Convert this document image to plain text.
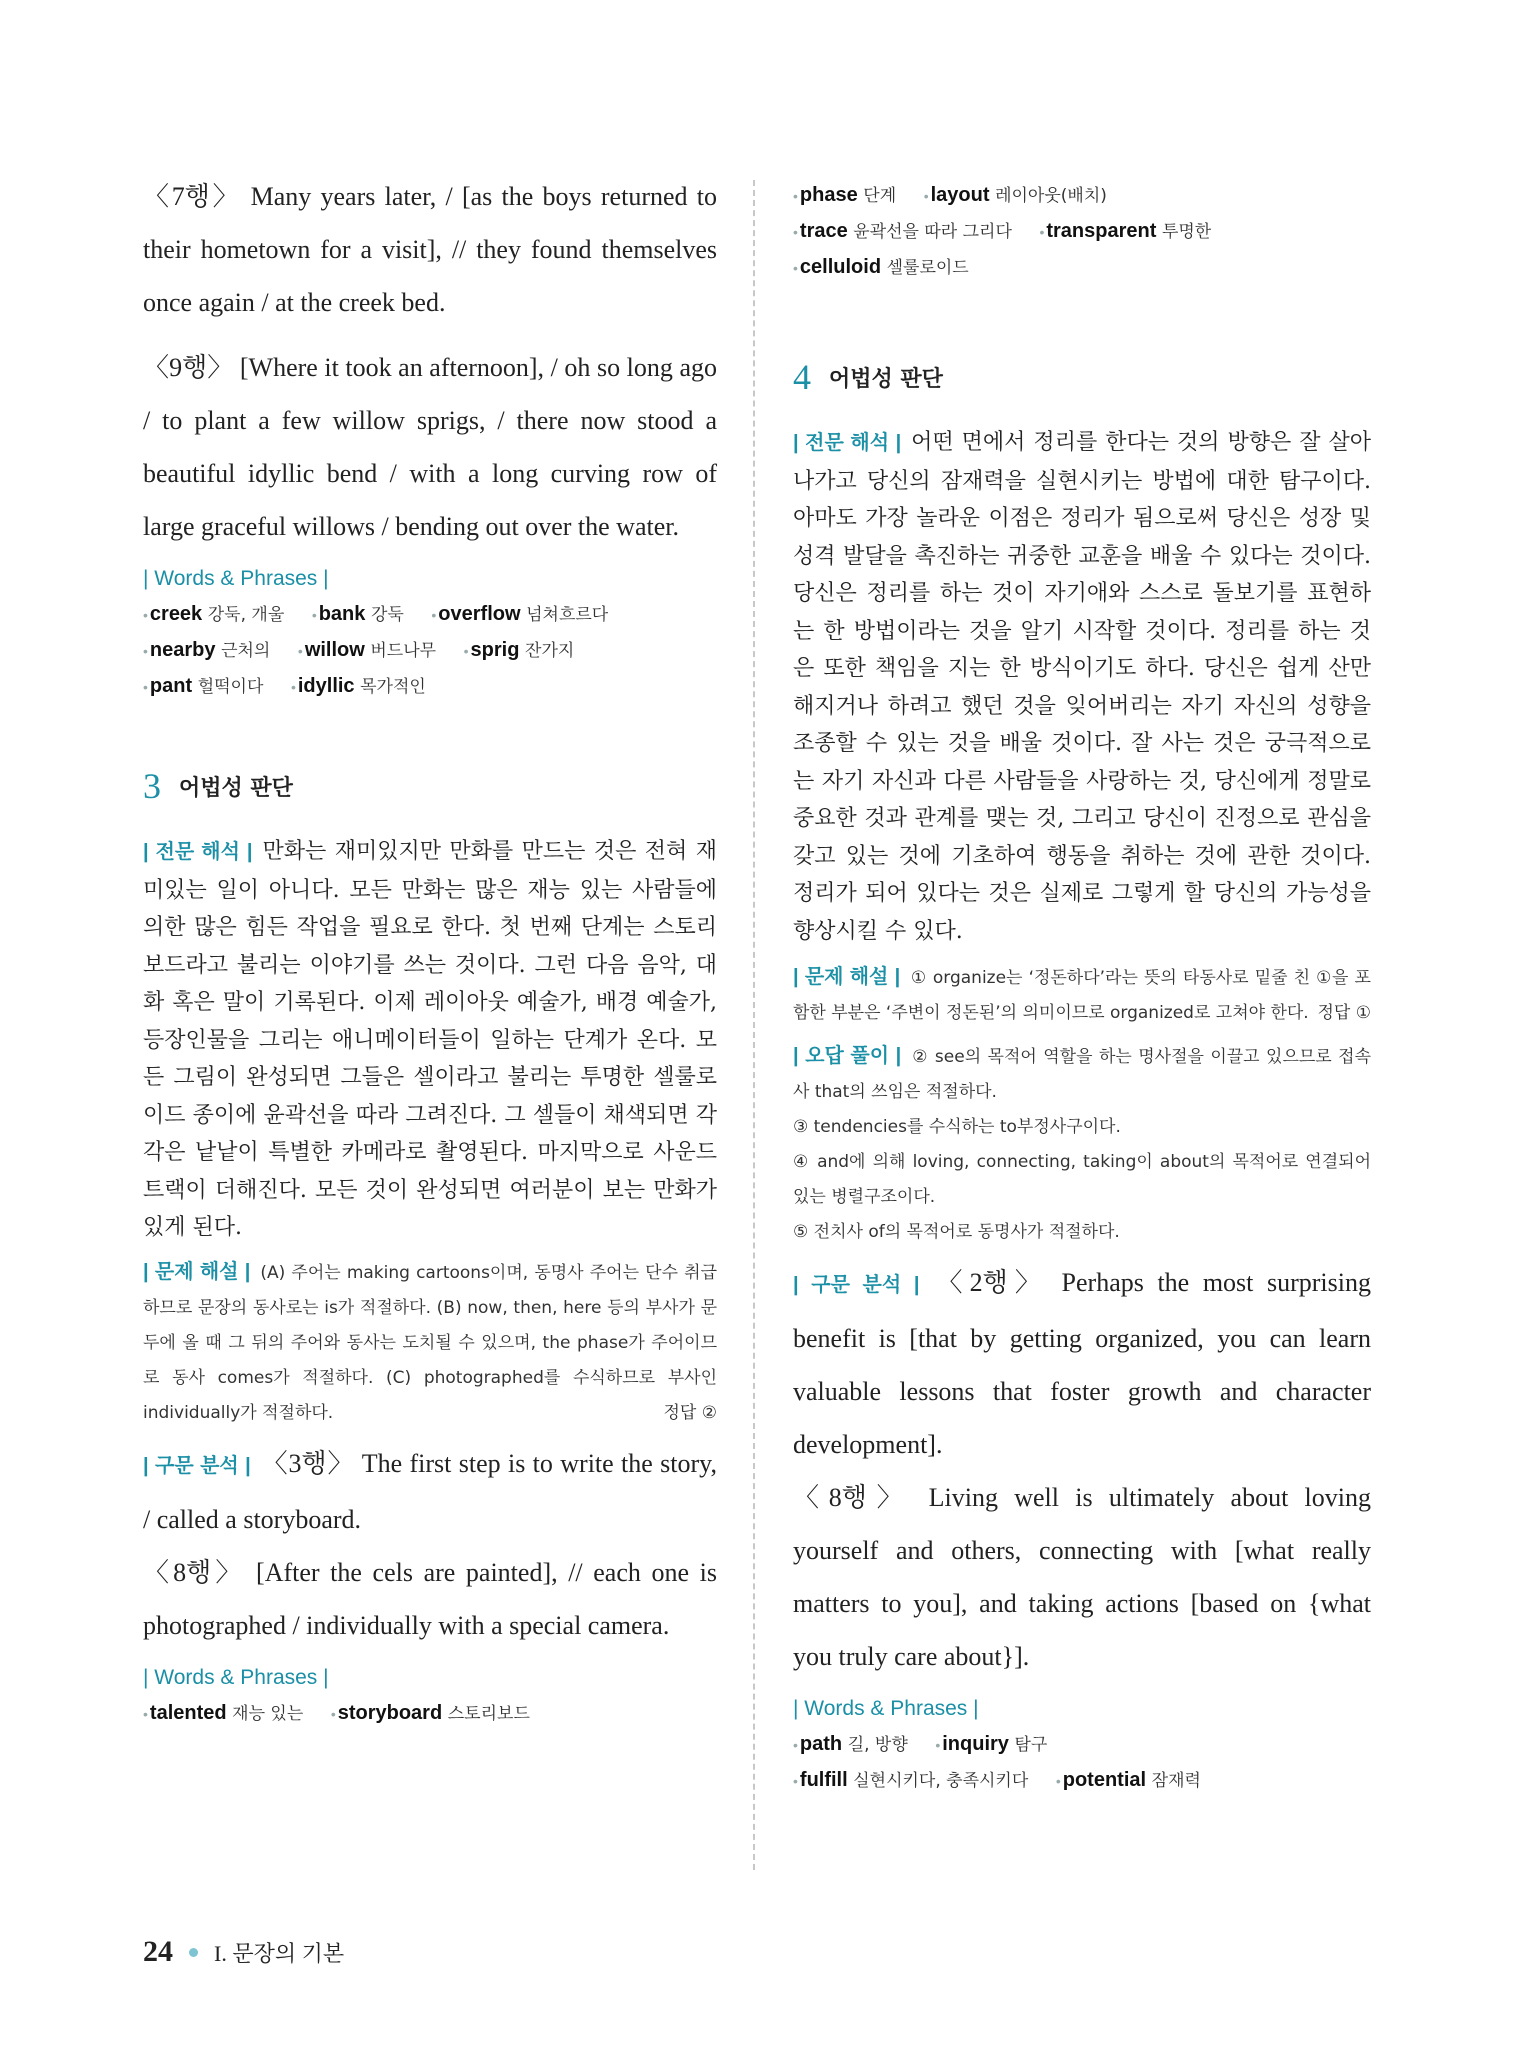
〈7행〉 Many years later, / [as the boys returned to their hometown for a visit], // they found themselves once again / at the creek bed.
〈9행〉 [Where it took an afternoon], / oh so long ago / to plant a few willow sprigs, / there now stood a beautiful idyllic bend / with a long curving row of large graceful willows / bending out over the water.
| Words & Phrases |
• creek 강둑, 개울 • bank 강둑 • overflow 넘쳐흐르다
• nearby 근처의 • willow 버드나무 • sprig 잔가지
• pant 헐떡이다 • idyllic 목가적인
3 어법성 판단
| 전문 해석 | 만화는 재미있지만 만화를 만드는 것은 전혀 재미있는 일이 아니다. 모든 만화는 많은 재능 있는 사람들에 의한 많은 힘든 작업을 필요로 한다. 첫 번째 단계는 스토리보드라고 불리는 이야기를 쓰는 것이다. 그런 다음 음악, 대화 혹은 말이 기록된다. 이제 레이아웃 예술가, 배경 예술가, 등장인물을 그리는 애니메이터들이 일하는 단계가 온다. 모든 그림이 완성되면 그들은 셀이라고 불리는 투명한 셀룰로이드 종이에 윤곽선을 따라 그려진다. 그 셀들이 채색되면 각각은 낱낱이 특별한 카메라로 촬영된다. 마지막으로 사운드 트랙이 더해진다. 모든 것이 완성되면 여러분이 보는 만화가 있게 된다.
| 문제 해설 | (A) 주어는 making cartoons이며, 동명사 주어는 단수 취급하므로 문장의 동사로는 is가 적절하다. (B) now, then, here 등의 부사가 문두에 올 때 그 뒤의 주어와 동사는 도치될 수 있으며, the phase가 주어이므로 동사 comes가 적절하다. (C) photographed를 수식하므로 부사인 individually가 적절하다.	정답 ②
| 구문 분석 | 〈3행〉 The first step is to write the story, / called a storyboard.
〈8행〉 [After the cels are painted], // each one is photographed / individually with a special camera.
| Words & Phrases |
• talented 재능 있는 • storyboard 스토리보드
• phase 단계 • layout 레이아웃(배치)
• trace 윤곽선을 따라 그리다 • transparent 투명한
• celluloid 셀룰로이드
4 어법성 판단
| 전문 해석 | 어떤 면에서 정리를 한다는 것의 방향은 잘 살아 나가고 당신의 잠재력을 실현시키는 방법에 대한 탐구이다. 아마도 가장 놀라운 이점은 정리가 됨으로써 당신은 성장 및 성격 발달을 촉진하는 귀중한 교훈을 배울 수 있다는 것이다. 당신은 정리를 하는 것이 자기애와 스스로 돌보기를 표현하는 한 방법이라는 것을 알기 시작할 것이다. 정리를 하는 것은 또한 책임을 지는 한 방식이기도 하다. 당신은 쉽게 산만해지거나 하려고 했던 것을 잊어버리는 자기 자신의 성향을 조종할 수 있는 것을 배울 것이다. 잘 사는 것은 궁극적으로는 자기 자신과 다른 사람들을 사랑하는 것, 당신에게 정말로 중요한 것과 관계를 맺는 것, 그리고 당신이 진정으로 관심을 갖고 있는 것에 기초하여 행동을 취하는 것에 관한 것이다. 정리가 되어 있다는 것은 실제로 그렇게 할 당신의 가능성을 향상시킬 수 있다.
| 문제 해설 | ① organize는 ‘정돈하다’라는 뜻의 타동사로 밑줄 친 ①을 포함한 부분은 ‘주변이 정돈된’의 의미이므로 organized로 고쳐야 한다. 정답 ①
| 오답 풀이 | ② see의 목적어 역할을 하는 명사절을 이끌고 있으므로 접속사 that의 쓰임은 적절하다.
③ tendencies를 수식하는 to부정사구이다.
④ and에 의해 loving, connecting, taking이 about의 목적어로 연결되어 있는 병렬구조이다.
⑤ 전치사 of의 목적어로 동명사가 적절하다.
| 구문 분석 | 〈2행〉 Perhaps the most surprising benefit is [that by getting organized, you can learn valuable lessons that foster growth and character development].
〈8행〉 Living well is ultimately about loving yourself and others, connecting with [what really matters to you], and taking actions [based on {what you truly care about}].
| Words & Phrases |
• path 길, 방향 • inquiry 탐구
• fulfill 실현시키다, 충족시키다 • potential 잠재력
24 I. 문장의 기본
